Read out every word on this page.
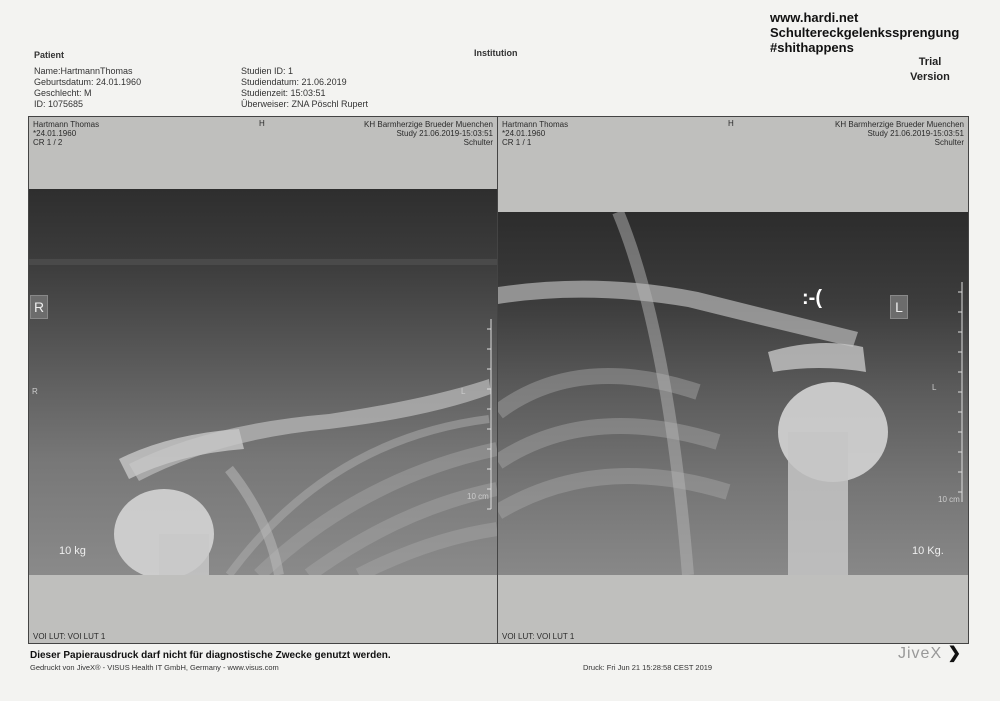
www.hardi.net
Schultereckgelenkssprengung
#shithappens
Trial
Version
Patient	Institution
Name:HartmannThomas
Geburtsdatum: 24.01.1960
Geschlecht: M
ID: 1075685
Studien ID: 1
Studiendatum: 21.06.2019
Studienzeit: 15:03:51
Überweiser: ZNA Pöschl Rupert
Hartmann Thomas
*24.01.1960
CR 1 / 2
H	KH Barmherzige Brueder Muenchen
Study 21.06.2019-15:03:51
Schulter
R
R	L
10 cm
10 kg
VOI LUT: VOI LUT 1
Hartmann Thomas
*24.01.1960
CR 1 / 1
H	KH Barmherzige Brueder Muenchen
Study 21.06.2019-15:03:51
Schulter
:-(	L
L
10 cm
10 Kg.
VOI LUT: VOI LUT 1
Dieser Papierausdruck darf nicht für diagnostische Zwecke genutzt werden.
Gedruckt von JiveX® - VISUS Health IT GmbH, Germany - www.visus.com	Druck: Fri Jun 21 15:28:58 CEST 2019
JiveX ❯
